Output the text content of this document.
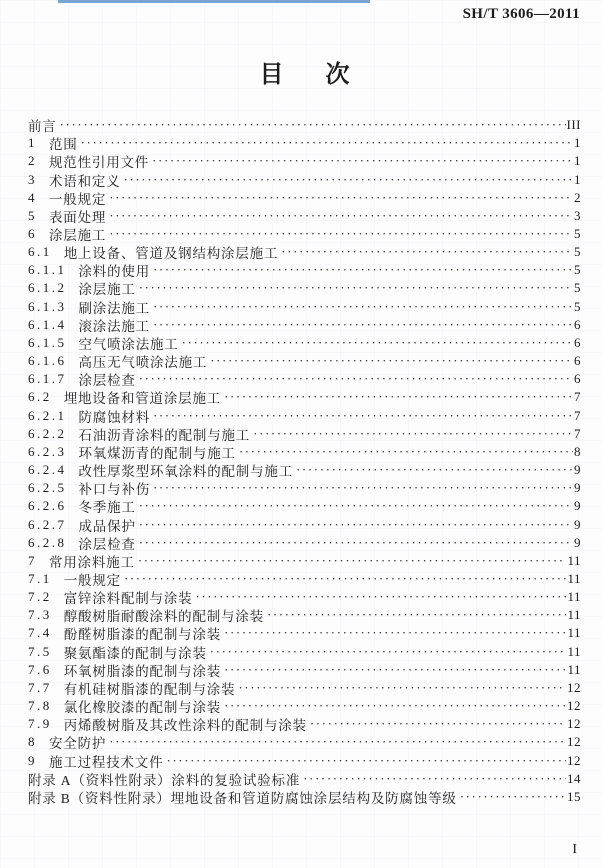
SH/T 3606—2011
目 次
前言 ·····	III
1 范围 ·····	1
2 规范性引用文件 ·····	1
3 术语和定义 ·····	1
4 一般规定 ·····	2
5 表面处理 ·····	3
6 涂层施工 ·····	5
6.1 地上设备、管道及钢结构涂层施工 ·····	5
6.1.1 涂料的使用 ·····	5
6.1.2 涂层施工 ·····	5
6.1.3 刷涂法施工 ·····	5
6.1.4 滚涂法施工 ·····	6
6.1.5 空气喷涂法施工 ·····	6
6.1.6 高压无气喷涂法施工 ·····	6
6.1.7 涂层检查 ·····	6
6.2 埋地设备和管道涂层施工 ·····	7
6.2.1 防腐蚀材料 ·····	7
6.2.2 石油沥青涂料的配制与施工 ·····	7
6.2.3 环氧煤沥青的配制与施工 ·····	8
6.2.4 改性厚浆型环氧涂料的配制与施工 ·····	9
6.2.5 补口与补伤 ·····	9
6.2.6 冬季施工 ·····	9
6.2.7 成品保护 ·····	9
6.2.8 涂层检查 ·····	9
7 常用涂料施工 ·····	11
7.1 一般规定 ·····	11
7.2 富锌涂料配制与涂装 ·····	11
7.3 醇酸树脂耐酸涂料的配制与涂装 ·····	11
7.4 酚醛树脂漆的配制与涂装 ·····	11
7.5 聚氨酯漆的配制与涂装 ·····	11
7.6 环氧树脂漆的配制与涂装 ·····	11
7.7 有机硅树脂漆的配制与涂装 ·····	12
7.8 氯化橡胶漆的配制与涂装 ·····	12
7.9 丙烯酸树脂及其改性涂料的配制与涂装 ·····	12
8 安全防护 ·····	12
9 施工过程技术文件 ·····	12
附录 A（资料性附录）涂料的复验试验标准 ·····	14
附录 B（资料性附录）埋地设备和管道防腐蚀涂层结构及防腐蚀等级 ·····	15
I
